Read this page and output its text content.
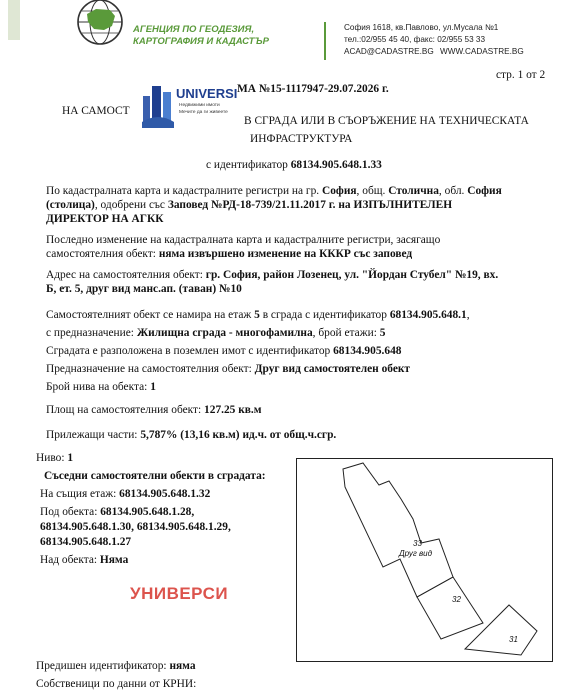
АГЕНЦИЯ ПО ГЕОДЕЗИЯ,
КАРТОГРАФИЯ И КАДАСТЪР
София 1618, кв.Павлово, ул.Мусала №1
тел.:02/955 45 40, факс: 02/955 53 33
ACAD@CADASTRE.BG WWW.CADASTRE.BG
стр. 1 от 2
МА №15-1117947-29.07.2026 г.
НА САМОСТ
UNIVERSI
Недвижими имоти
Мечите да ги живеете
В СГРАДА ИЛИ В СЪОРЪЖЕНИЕ НА ТЕХНИЧЕСКАТА
ИНФРАСТРУКТУРА
с идентификатор 68134.905.648.1.33
По кадастралната карта и кадастралните регистри на гр. София, общ. Столична, обл. София
(столица), одобрени със Заповед №РД-18-739/21.11.2017 г. на ИЗПЪЛНИТЕЛЕН
ДИРЕКТОР НА АГКК
Последно изменение на кадастралната карта и кадастралните регистри, засягащо
самостоятелния обект: няма извършено изменение на КККР със заповед
Адрес на самостоятелния обект: гр. София, район Лозенец, ул. "Йордан Стубел" №19, вх.
Б, ет. 5, друг вид манс.ап. (таван) №10
Самостоятелният обект се намира на етаж 5 в сграда с идентификатор 68134.905.648.1,
с предназначение: Жилищна сграда - многофамилна, брой етажи: 5
Сградата е разположена в поземлен имот с идентификатор 68134.905.648
Предназначение на самостоятелния обект: Друг вид самостоятелен обект
Брой нива на обекта: 1
Площ на самостоятелния обект: 127.25 кв.м
Прилежащи части: 5,787% (13,16 кв.м) ид.ч. от общ.ч.сгр.
Ниво: 1
Съседни самостоятелни обекти в сградата:
На същия етаж: 68134.905.648.1.32
Под обекта: 68134.905.648.1.28,
68134.905.648.1.30, 68134.905.648.1.29,
68134.905.648.1.27
Над обекта: Няма
33
Друг вид
32
31
УНИВЕРСИ
Предишен идентификатор: няма
Собственици по данни от КРНИ:
